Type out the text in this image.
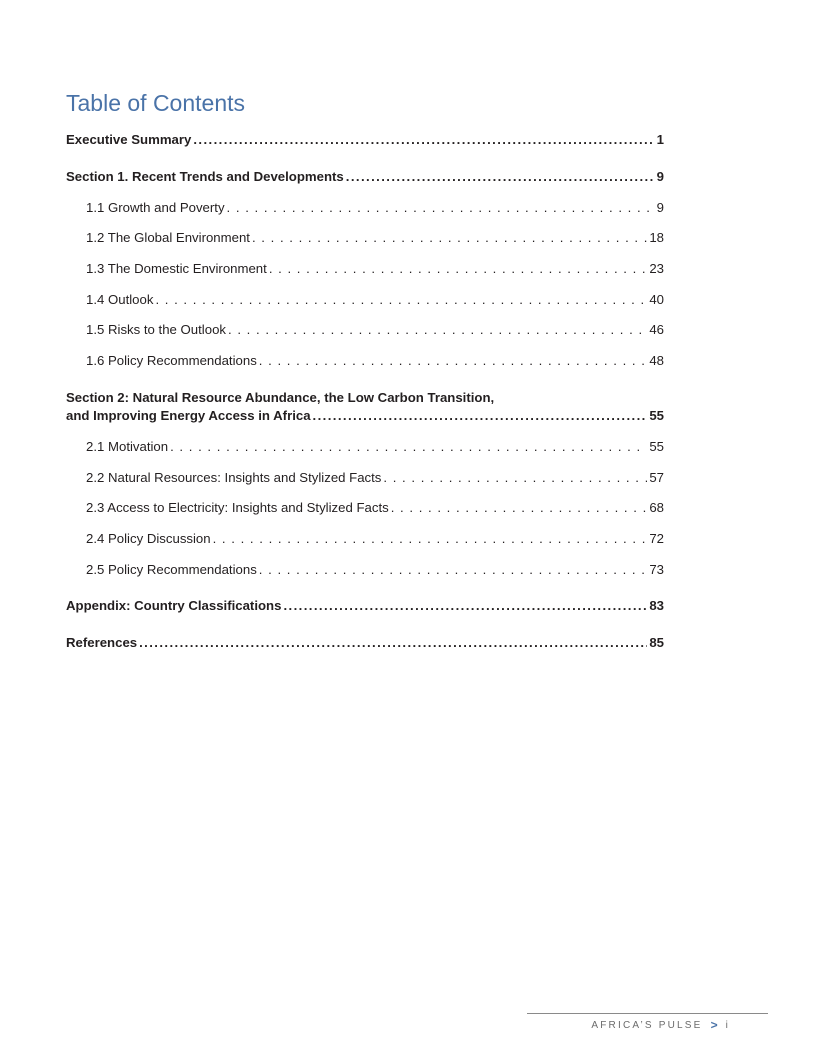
Table of Contents
Executive Summary .....	1
Section 1. Recent Trends and Developments .....	9
1.1 Growth and Poverty . . .	9
1.2 The Global Environment . . .	18
1.3 The Domestic Environment . . .	23
1.4 Outlook . . .	40
1.5 Risks to the Outlook . . .	46
1.6 Policy Recommendations . . .	48
Section 2: Natural Resource Abundance, the Low Carbon Transition,
and Improving Energy Access in Africa .....	55
2.1 Motivation . . .	55
2.2 Natural Resources: Insights and Stylized Facts . . .	57
2.3 Access to Electricity: Insights and Stylized Facts . . .	68
2.4 Policy Discussion . . .	72
2.5 Policy Recommendations . . .	73
Appendix: Country Classifications .....	83
References .....	85
AFRICA’S PULSE > i
